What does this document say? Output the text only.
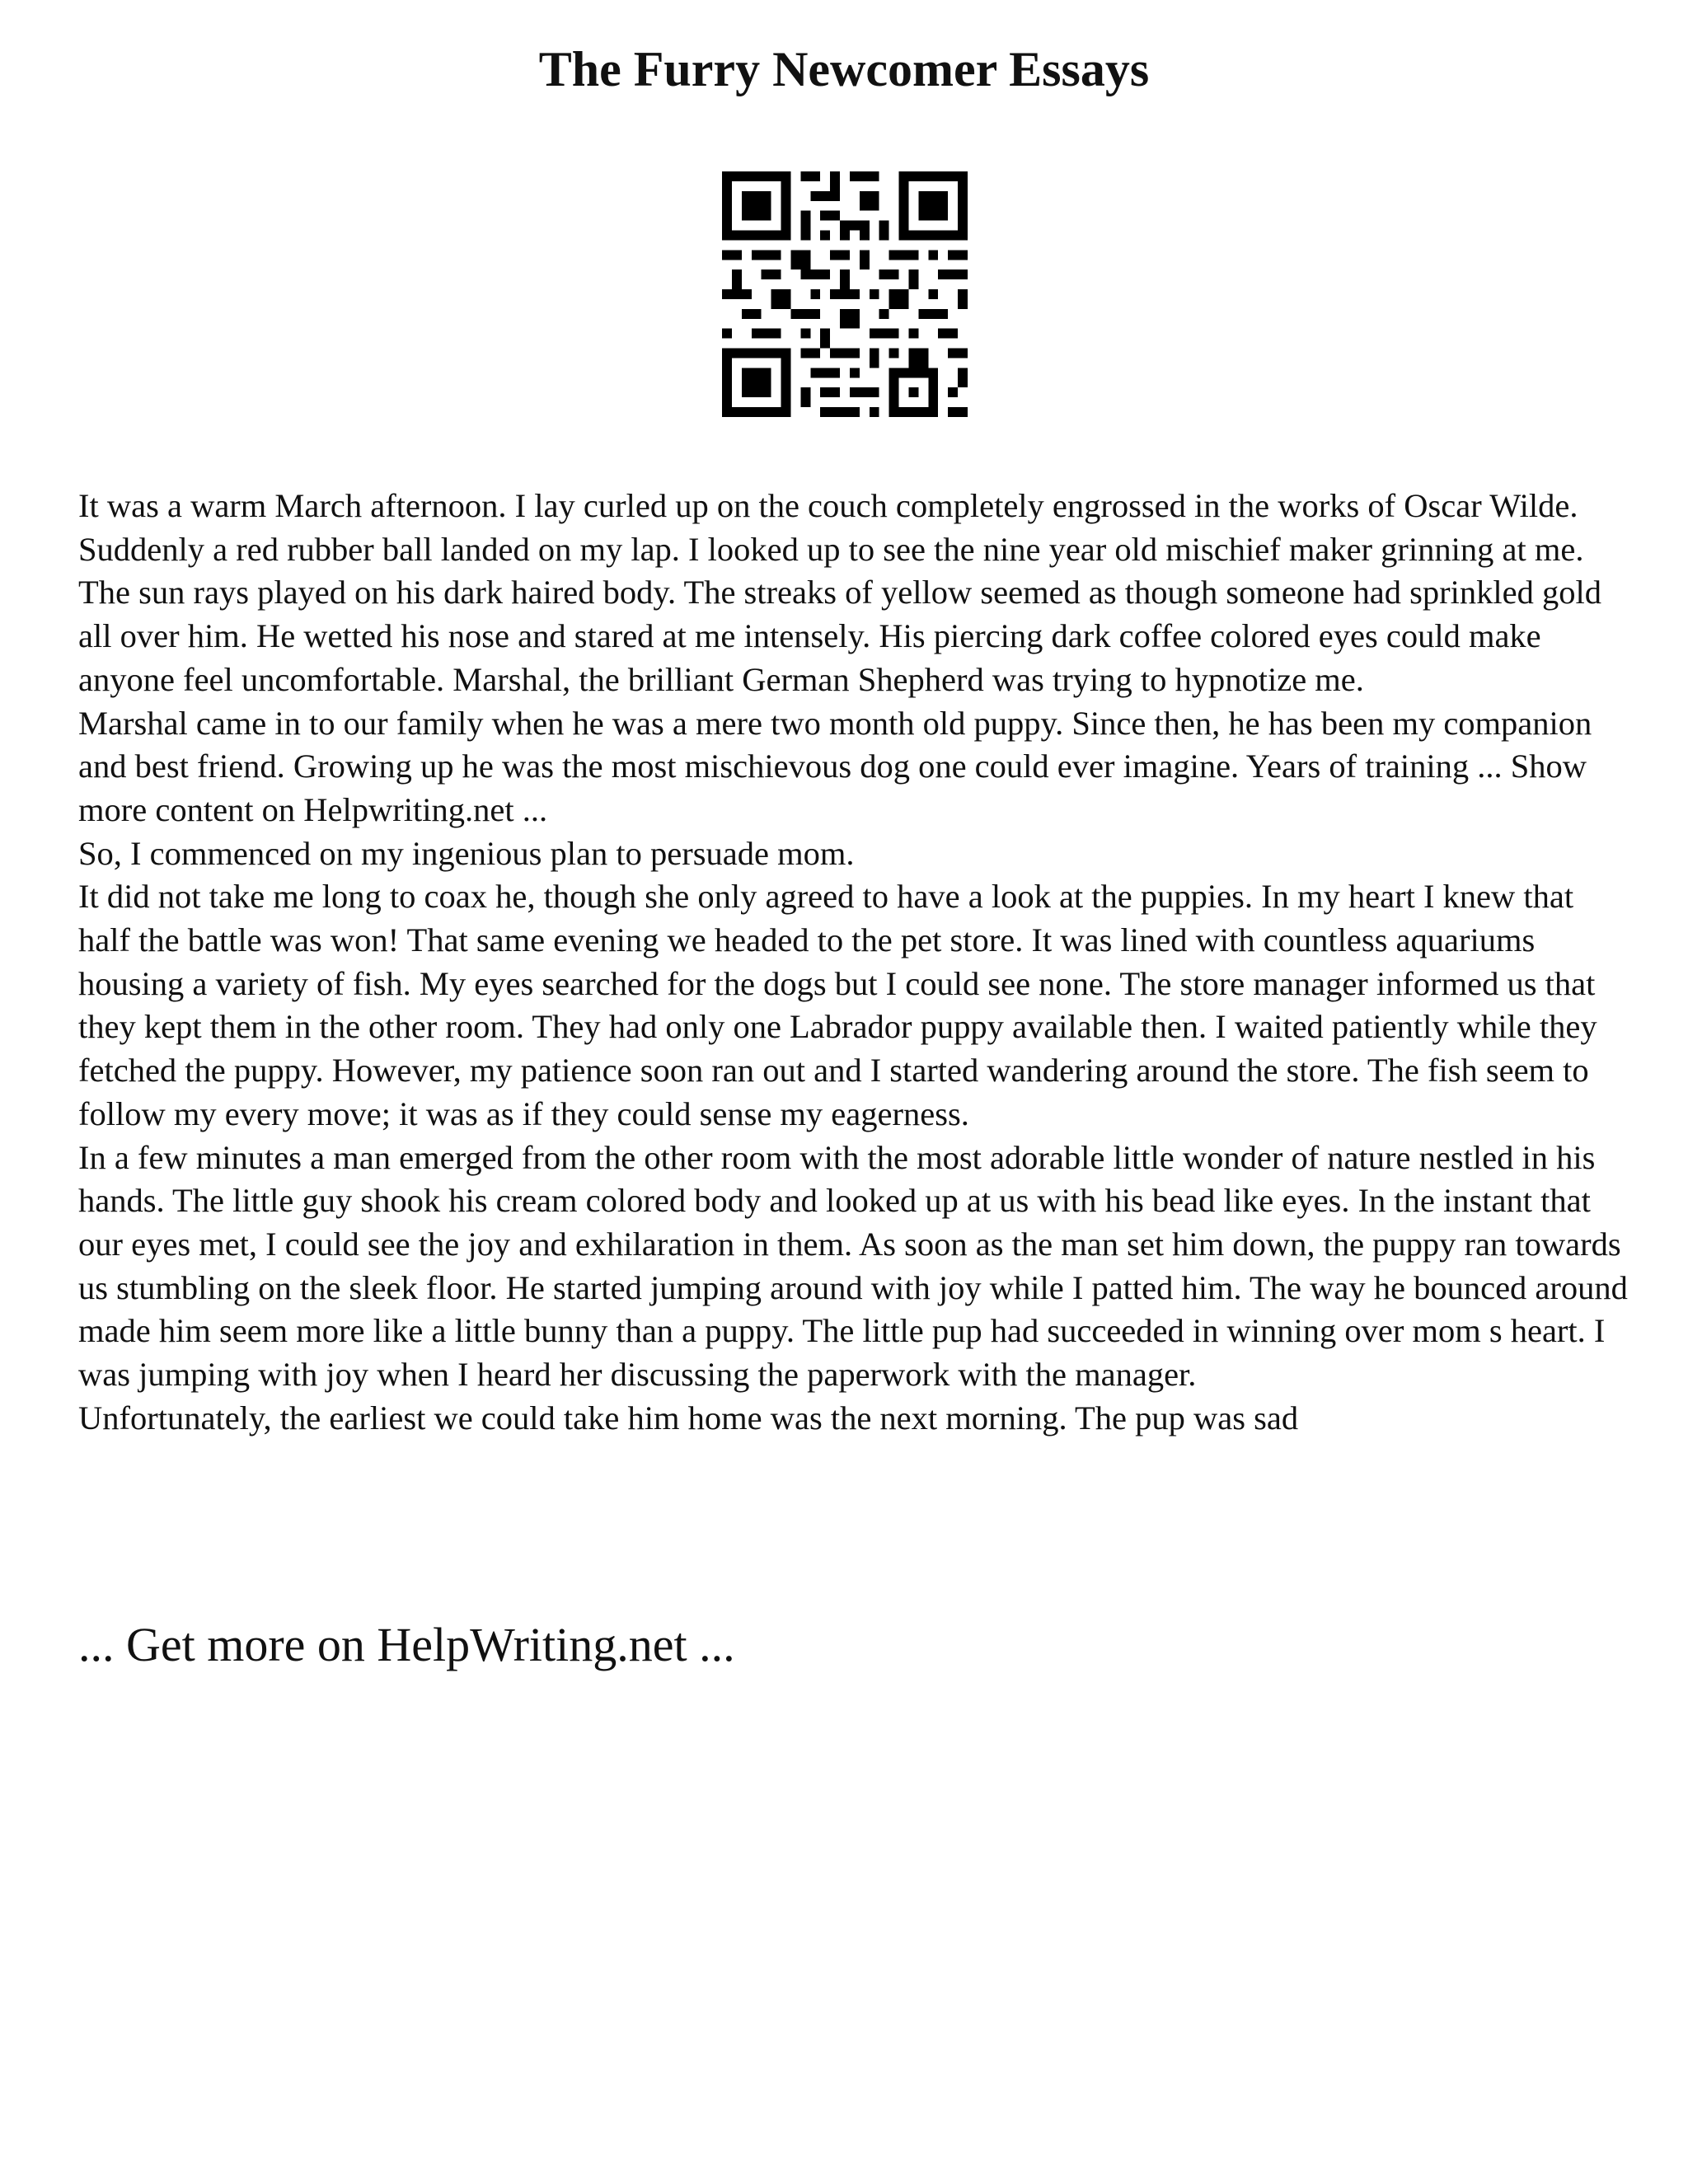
The Furry Newcomer Essays

It was a warm March afternoon. I lay curled up on the couch completely engrossed in the works of Oscar Wilde. Suddenly a red rubber ball landed on my lap. I looked up to see the nine year old mischief maker grinning at me. The sun rays played on his dark haired body. The streaks of yellow seemed as though someone had sprinkled gold all over him. He wetted his nose and stared at me intensely. His piercing dark coffee colored eyes could make anyone feel uncomfortable. Marshal, the brilliant German Shepherd was trying to hypnotize me.

Marshal came in to our family when he was a mere two month old puppy. Since then, he has been my companion and best friend. Growing up he was the most mischievous dog one could ever imagine. Years of training ... Show more content on Helpwriting.net ...

So, I commenced on my ingenious plan to persuade mom.

It did not take me long to coax he, though she only agreed to have a look at the puppies. In my heart I knew that half the battle was won! That same evening we headed to the pet store. It was lined with countless aquariums housing a variety of fish. My eyes searched for the dogs but I could see none. The store manager informed us that they kept them in the other room. They had only one Labrador puppy available then. I waited patiently while they fetched the puppy. However, my patience soon ran out and I started wandering around the store. The fish seem to follow my every move; it was as if they could sense my eagerness.

In a few minutes a man emerged from the other room with the most adorable little wonder of nature nestled in his hands. The little guy shook his cream colored body and looked up at us with his bead like eyes. In the instant that our eyes met, I could see the joy and exhilaration in them. As soon as the man set him down, the puppy ran towards us stumbling on the sleek floor. He started jumping around with joy while I patted him. The way he bounced around made him seem more like a little bunny than a puppy. The little pup had succeeded in winning over mom s heart. I was jumping with joy when I heard her discussing the paperwork with the manager.

Unfortunately, the earliest we could take him home was the next morning. The pup was sad

... Get more on HelpWriting.net ...
